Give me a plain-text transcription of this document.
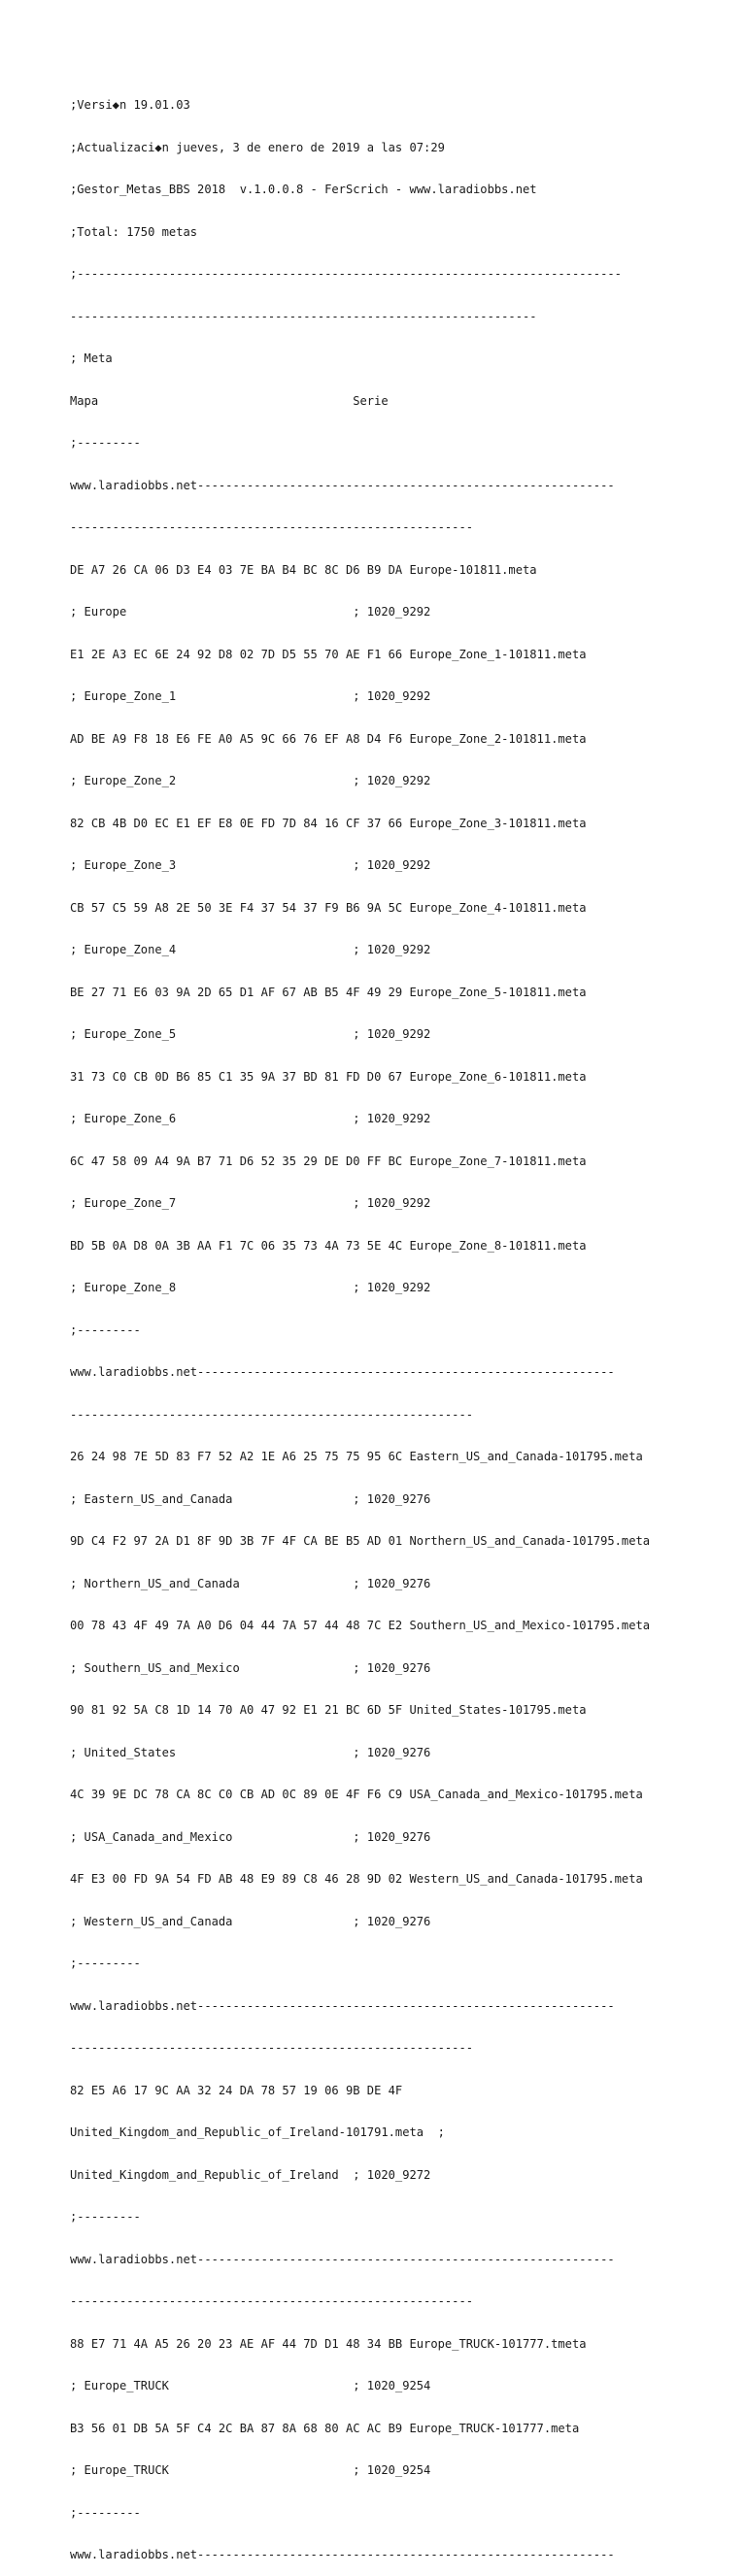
;Versi◆n 19.01.03

;Actualizaci◆n jueves, 3 de enero de 2019 a las 07:29

;Gestor_Metas_BBS 2018  v.1.0.0.8 - FerScrich - www.laradiobbs.net

;Total: 1750 metas

;-----------------------------------------------------------------------------

------------------------------------------------------------------

; Meta

Mapa                                    Serie

;---------

www.laradiobbs.net-----------------------------------------------------------

---------------------------------------------------------

DE A7 26 CA 06 D3 E4 03 7E BA B4 BC 8C D6 B9 DA Europe-101811.meta

; Europe                                ; 1020_9292

E1 2E A3 EC 6E 24 92 D8 02 7D D5 55 70 AE F1 66 Europe_Zone_1-101811.meta

; Europe_Zone_1                         ; 1020_9292

AD BE A9 F8 18 E6 FE A0 A5 9C 66 76 EF A8 D4 F6 Europe_Zone_2-101811.meta

; Europe_Zone_2                         ; 1020_9292

82 CB 4B D0 EC E1 EF E8 0E FD 7D 84 16 CF 37 66 Europe_Zone_3-101811.meta

; Europe_Zone_3                         ; 1020_9292

CB 57 C5 59 A8 2E 50 3E F4 37 54 37 F9 B6 9A 5C Europe_Zone_4-101811.meta

; Europe_Zone_4                         ; 1020_9292

BE 27 71 E6 03 9A 2D 65 D1 AF 67 AB B5 4F 49 29 Europe_Zone_5-101811.meta

; Europe_Zone_5                         ; 1020_9292

31 73 C0 CB 0D B6 85 C1 35 9A 37 BD 81 FD D0 67 Europe_Zone_6-101811.meta

; Europe_Zone_6                         ; 1020_9292

6C 47 58 09 A4 9A B7 71 D6 52 35 29 DE D0 FF BC Europe_Zone_7-101811.meta

; Europe_Zone_7                         ; 1020_9292

BD 5B 0A D8 0A 3B AA F1 7C 06 35 73 4A 73 5E 4C Europe_Zone_8-101811.meta

; Europe_Zone_8                         ; 1020_9292

;---------

www.laradiobbs.net-----------------------------------------------------------

---------------------------------------------------------

26 24 98 7E 5D 83 F7 52 A2 1E A6 25 75 75 95 6C Eastern_US_and_Canada-101795.meta

; Eastern_US_and_Canada                 ; 1020_9276

9D C4 F2 97 2A D1 8F 9D 3B 7F 4F CA BE B5 AD 01 Northern_US_and_Canada-101795.meta

; Northern_US_and_Canada                ; 1020_9276

00 78 43 4F 49 7A A0 D6 04 44 7A 57 44 48 7C E2 Southern_US_and_Mexico-101795.meta

; Southern_US_and_Mexico                ; 1020_9276

90 81 92 5A C8 1D 14 70 A0 47 92 E1 21 BC 6D 5F United_States-101795.meta

; United_States                         ; 1020_9276

4C 39 9E DC 78 CA 8C C0 CB AD 0C 89 0E 4F F6 C9 USA_Canada_and_Mexico-101795.meta

; USA_Canada_and_Mexico                 ; 1020_9276

4F E3 00 FD 9A 54 FD AB 48 E9 89 C8 46 28 9D 02 Western_US_and_Canada-101795.meta

; Western_US_and_Canada                 ; 1020_9276

;---------

www.laradiobbs.net-----------------------------------------------------------

---------------------------------------------------------

82 E5 A6 17 9C AA 32 24 DA 78 57 19 06 9B DE 4F

United_Kingdom_and_Republic_of_Ireland-101791.meta  ;

United_Kingdom_and_Republic_of_Ireland  ; 1020_9272

;---------

www.laradiobbs.net-----------------------------------------------------------

---------------------------------------------------------

88 E7 71 4A A5 26 20 23 AE AF 44 7D D1 48 34 BB Europe_TRUCK-101777.tmeta

; Europe_TRUCK                          ; 1020_9254

B3 56 01 DB 5A 5F C4 2C BA 87 8A 68 80 AC AC B9 Europe_TRUCK-101777.meta

; Europe_TRUCK                          ; 1020_9254

;---------

www.laradiobbs.net-----------------------------------------------------------
